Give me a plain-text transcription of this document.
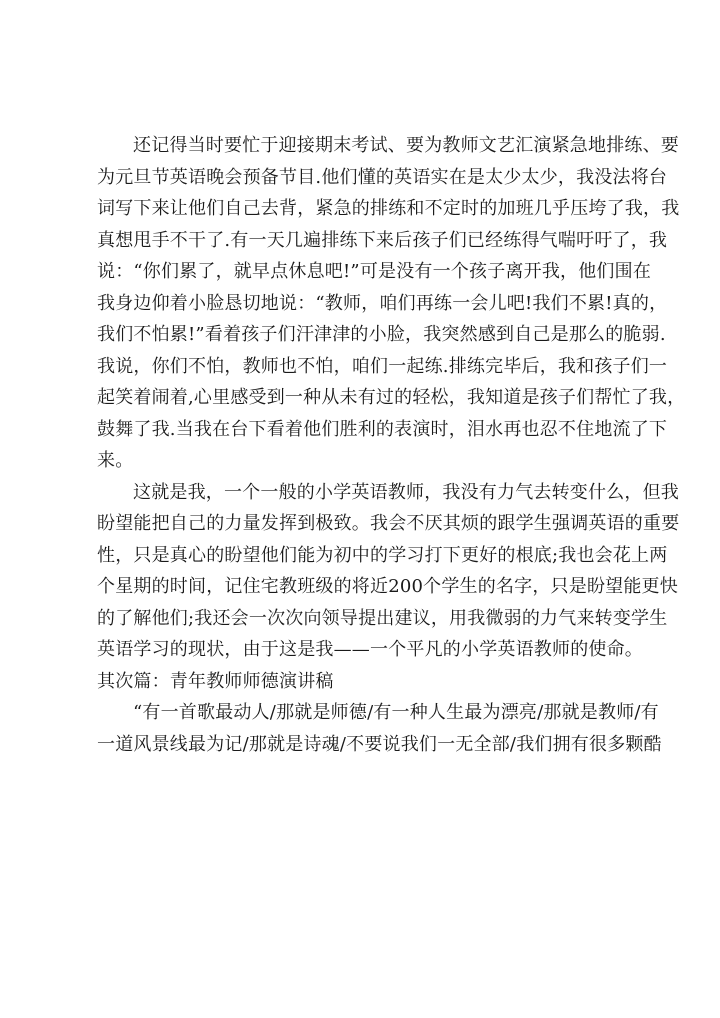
还记得当时要忙于迎接期末考试、要为教师文艺汇演紧急地排练、要
为元旦节英语晚会预备节目.他们懂的英语实在是太少太少，我没法将台
词写下来让他们自己去背，紧急的排练和不定时的加班几乎压垮了我，我
真想甩手不干了.有一天几遍排练下来后孩子们已经练得气喘吁吁了，我
说：“你们累了，就早点休息吧!”可是没有一个孩子离开我，他们围在
我身边仰着小脸恳切地说：“教师，咱们再练一会儿吧!我们不累!真的，
我们不怕累!”看着孩子们汗津津的小脸，我突然感到自己是那么的脆弱.
我说，你们不怕，教师也不怕，咱们一起练.排练完毕后，我和孩子们一
起笑着闹着,心里感受到一种从未有过的轻松，我知道是孩子们帮忙了我，
鼓舞了我.当我在台下看着他们胜利的表演时，泪水再也忍不住地流了下
来。
这就是我，一个一般的小学英语教师，我没有力气去转变什么，但我
盼望能把自己的力量发挥到极致。我会不厌其烦的跟学生强调英语的重要
性，只是真心的盼望他们能为初中的学习打下更好的根底;我也会花上两
个星期的时间，记住宅教班级的将近200个学生的名字，只是盼望能更快
的了解他们;我还会一次次向领导提出建议，用我微弱的力气来转变学生
英语学习的现状，由于这是我——一个平凡的小学英语教师的使命。
其次篇：青年教师师德演讲稿
“有一首歌最动人/那就是师德/有一种人生最为漂亮/那就是教师/有
一道风景线最为记/那就是诗魂/不要说我们一无全部/我们拥有很多颗酷
